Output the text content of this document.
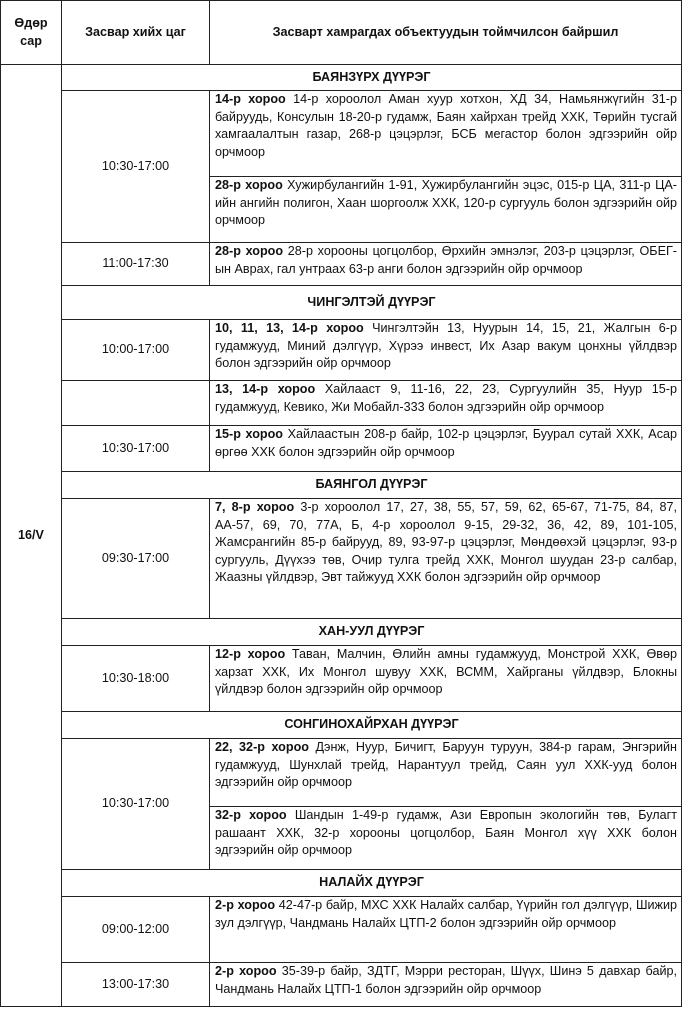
Өдөр
сар	Засвар хийх цаг	Засварт хамрагдах объектуудын тоймчилсон байршил
16/V	БАЯНЗҮРХ ДҮҮРЭГ	
	10:30-17:00	14-р хороо 14-р хороолол Аман хуур хотхон, ХД 34, Намьянжүгийн 31-р байруудь, Консулын 18-20-р гудамж, Баян хайрхан трейд ХХК, Төрийн тусгай хамгаалалтын газар, 268-р цэцэрлэг, БСБ мегастор болон эдгээрийн ойр орчмоор
		28-р хороо Хужирбулангийн 1-91, Хужирбулангийн эцэс, 015-р ЦА, 311-р ЦА-ийн ангийн полигон, Хаан шоргоолж ХХК, 120-р сургууль болон эдгээрийн ойр орчмоор
	11:00-17:30	28-р хороо 28-р хорооны цогцолбор, Өрхийн эмнэлэг, 203-р цэцэрлэг, ОБЕГ-ын Аврах, гал унтраах 63-р анги болон эдгээрийн ойр орчмоор
	ЧИНГЭЛТЭЙ ДҮҮРЭГ	
	10:00-17:00	10, 11, 13, 14-р хороо Чингэлтэйн 13, Нуурын 14, 15, 21, Жалгын 6-р гудамжууд, Миний дэлгүүр, Хүрээ инвест, Их Азар вакум цонхны үйлдвэр болон эдгээрийн ойр орчмоор
		13, 14-р хороо Хайлааст 9, 11-16, 22, 23, Сургуулийн 35, Нуур 15-р гудамжууд, Кевико, Жи Мобайл-333 болон эдгээрийн ойр орчмоор
	10:30-17:00	15-р хороо Хайлаастын 208-р байр, 102-р цэцэрлэг, Буурал сутай ХХК, Асар өргөө ХХК болон эдгээрийн ойр орчмоор
	БАЯНГОЛ ДҮҮРЭГ	
	09:30-17:00	7, 8-р хороо 3-р хороолол 17, 27, 38, 55, 57, 59, 62, 65-67, 71-75, 84, 87, АА-57, 69, 70, 77А, Б, 4-р хороолол 9-15, 29-32, 36, 42, 89, 101-105, Жамсрангийн 85-р байрууд, 89, 93-97-р цэцэрлэг, Мөндөөхэй цэцэрлэг, 93-р сургууль, Дүүхээ төв, Очир тулга трейд ХХК, Монгол шуудан 23-р салбар, Жаазны үйлдвэр, Эвт тайжууд ХХК болон эдгээрийн ойр орчмоор
	ХАН-УУЛ ДҮҮРЭГ	
	10:30-18:00	12-р хороо Таван, Малчин, Өлийн амны гудамжууд, Монстрой ХХК, Өвөр харзат ХХК, Их Монгол шувуу ХХК, ВСММ, Хайрганы үйлдвэр, Блокны үйлдвэр болон эдгээрийн ойр орчмоор
	СОНГИНОХАЙРХАН ДҮҮРЭГ	
	10:30-17:00	22, 32-р хороо Дэнж, Нуур, Бичигт, Баруун туруун, 384-р гарам, Энгэрийн гудамжууд, Шунхлай трейд, Нарантуул трейд, Саян уул ХХК-ууд болон эдгээрийн ойр орчмоор
		32-р хороо Шандын 1-49-р гудамж, Ази Европын экологийн төв, Булагт рашаант ХХК, 32-р хорооны цогцолбор, Баян Монгол хүү ХХК болон эдгээрийн ойр орчмоор
	НАЛАЙХ ДҮҮРЭГ	
	09:00-12:00	2-р хороо 42-47-р байр, МХС ХХК Налайх салбар, Үүрийн гол дэлгүүр, Шижир зул дэлгүүр, Чандмань Налайх ЦТП-2 болон эдгээрийн ойр орчмоор
	13:00-17:30	2-р хороо 35-39-р байр, ЗДТГ, Мэрри ресторан, Шүүх, Шинэ 5 давхар байр, Чандмань Налайх ЦТП-1 болон эдгээрийн ойр орчмоор
